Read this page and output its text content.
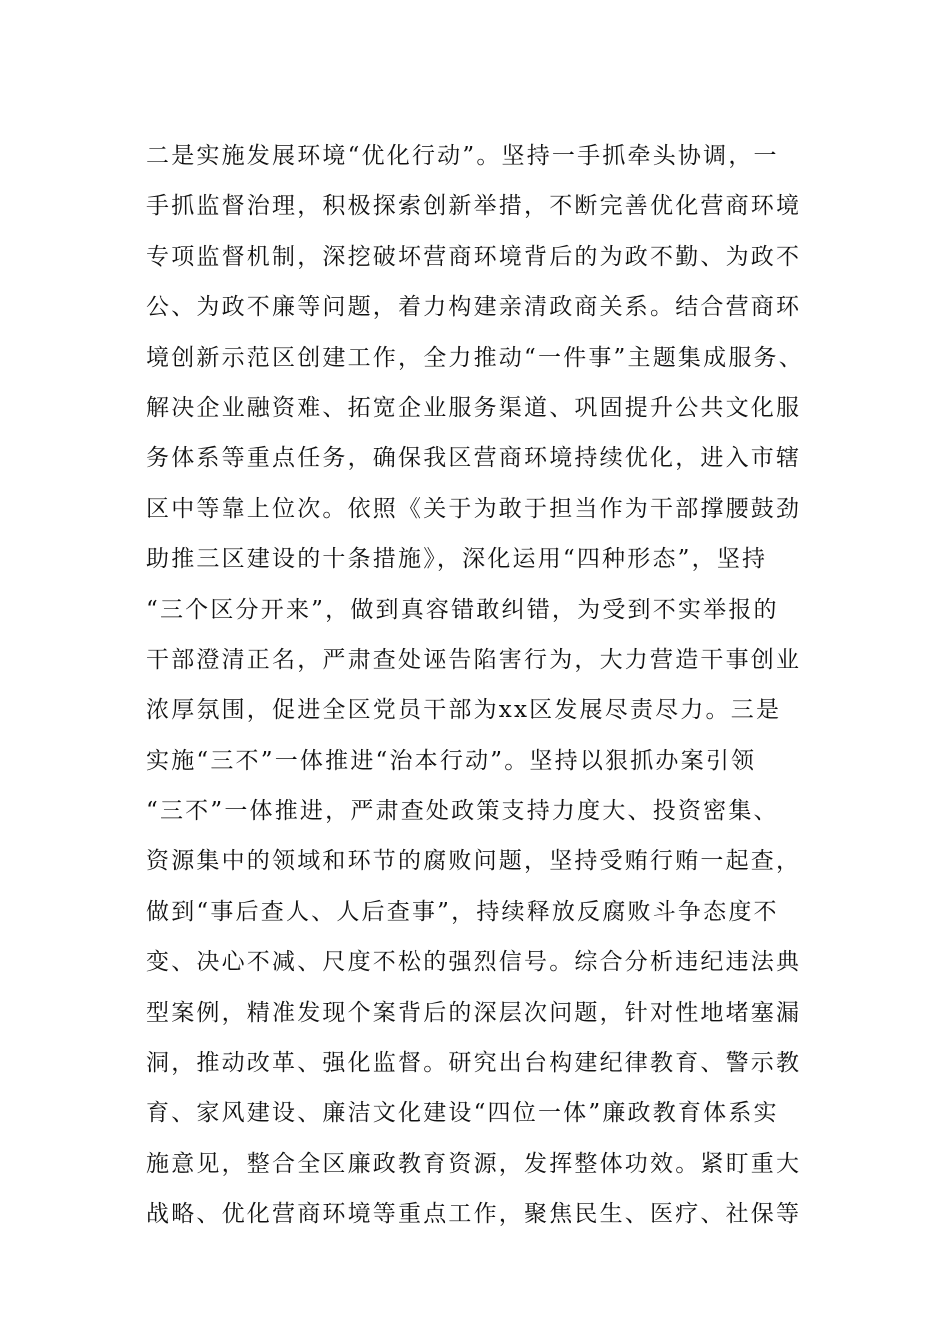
二是实施发展环境“优化行动”。坚持一手抓牵头协调，一
手抓监督治理，积极探索创新举措，不断完善优化营商环境
专项监督机制，深挖破坏营商环境背后的为政不勤、为政不
公、为政不廉等问题，着力构建亲清政商关系。结合营商环
境创新示范区创建工作，全力推动“一件事”主题集成服务、
解决企业融资难、拓宽企业服务渠道、巩固提升公共文化服
务体系等重点任务，确保我区营商环境持续优化，进入市辖
区中等靠上位次。依照《关于为敢于担当作为干部撑腰鼓劲
助推三区建设的十条措施》，深化运用“四种形态”，坚持
“三个区分开来”，做到真容错敢纠错，为受到不实举报的
干部澄清正名，严肃查处诬告陷害行为，大力营造干事创业
浓厚氛围，促进全区党员干部为xx区发展尽责尽力。三是
实施“三不”一体推进“治本行动”。坚持以狠抓办案引领
“三不”一体推进，严肃查处政策支持力度大、投资密集、
资源集中的领域和环节的腐败问题，坚持受贿行贿一起查，
做到“事后查人、人后查事”，持续释放反腐败斗争态度不
变、决心不减、尺度不松的强烈信号。综合分析违纪违法典
型案例，精准发现个案背后的深层次问题，针对性地堵塞漏
洞，推动改革、强化监督。研究出台构建纪律教育、警示教
育、家风建设、廉洁文化建设“四位一体”廉政教育体系实
施意见，整合全区廉政教育资源，发挥整体功效。紧盯重大
战略、优化营商环境等重点工作，聚焦民生、医疗、社保等
